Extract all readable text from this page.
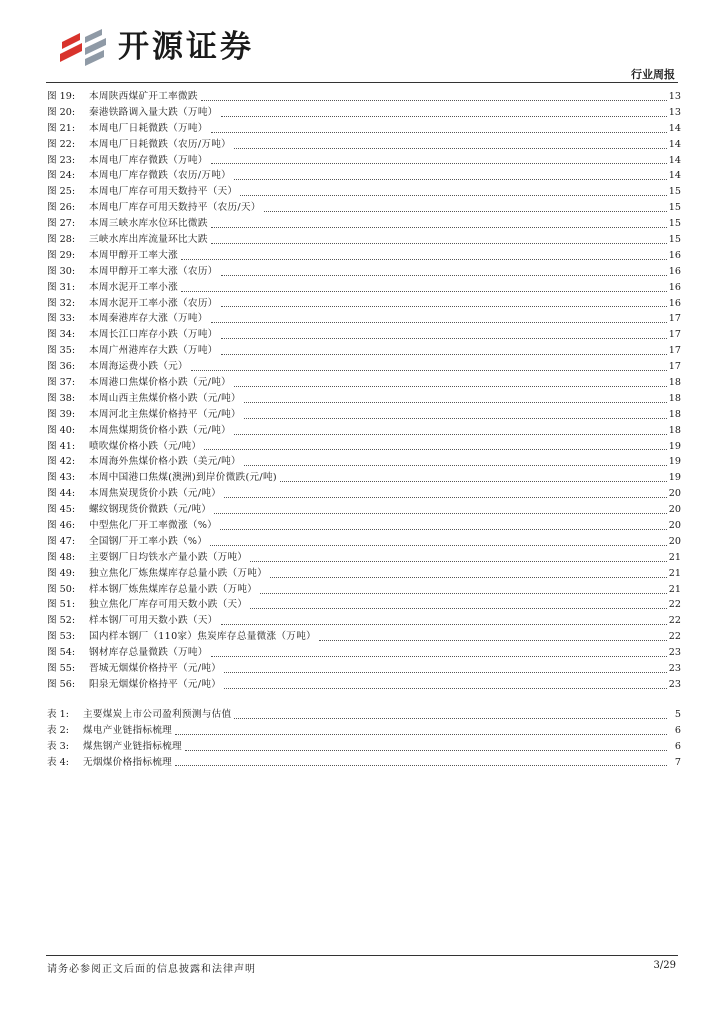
开源证券
行业周报
图 19:	本周陕西煤矿开工率微跌	13
图 20:	秦港铁路调入量大跌（万吨）	13
图 21:	本周电厂日耗微跌（万吨）	14
图 22:	本周电厂日耗微跌（农历/万吨）	14
图 23:	本周电厂库存微跌（万吨）	14
图 24:	本周电厂库存微跌（农历/万吨）	14
图 25:	本周电厂库存可用天数持平（天）	15
图 26:	本周电厂库存可用天数持平（农历/天）	15
图 27:	本周三峡水库水位环比微跌	15
图 28:	三峡水库出库流量环比大跌	15
图 29:	本周甲醇开工率大涨	16
图 30:	本周甲醇开工率大涨（农历）	16
图 31:	本周水泥开工率小涨	16
图 32:	本周水泥开工率小涨（农历）	16
图 33:	本周秦港库存大涨（万吨）	17
图 34:	本周长江口库存小跌（万吨）	17
图 35:	本周广州港库存大跌（万吨）	17
图 36:	本周海运费小跌（元）	17
图 37:	本周港口焦煤价格小跌（元/吨）	18
图 38:	本周山西主焦煤价格小跌（元/吨）	18
图 39:	本周河北主焦煤价格持平（元/吨）	18
图 40:	本周焦煤期货价格小跌（元/吨）	18
图 41:	喷吹煤价格小跌（元/吨）	19
图 42:	本周海外焦煤价格小跌（美元/吨）	19
图 43:	本周中国港口焦煤(澳洲)到岸价微跌(元/吨)	19
图 44:	本周焦炭现货价小跌（元/吨）	20
图 45:	螺纹钢现货价微跌（元/吨）	20
图 46:	中型焦化厂开工率微涨（%）	20
图 47:	全国钢厂开工率小跌（%）	20
图 48:	主要钢厂日均铁水产量小跌（万吨）	21
图 49:	独立焦化厂炼焦煤库存总量小跌（万吨）	21
图 50:	样本钢厂炼焦煤库存总量小跌（万吨）	21
图 51:	独立焦化厂库存可用天数小跌（天）	22
图 52:	样本钢厂可用天数小跌（天）	22
图 53:	国内样本钢厂（110家）焦炭库存总量微涨（万吨）	22
图 54:	钢材库存总量微跌（万吨）	23
图 55:	晋城无烟煤价格持平（元/吨）	23
图 56:	阳泉无烟煤价格持平（元/吨）	23
表 1:	主要煤炭上市公司盈利预测与估值	5
表 2:	煤电产业链指标梳理	6
表 3:	煤焦钢产业链指标梳理	6
表 4:	无烟煤价格指标梳理	7
请务必参阅正文后面的信息披露和法律声明	3/29
